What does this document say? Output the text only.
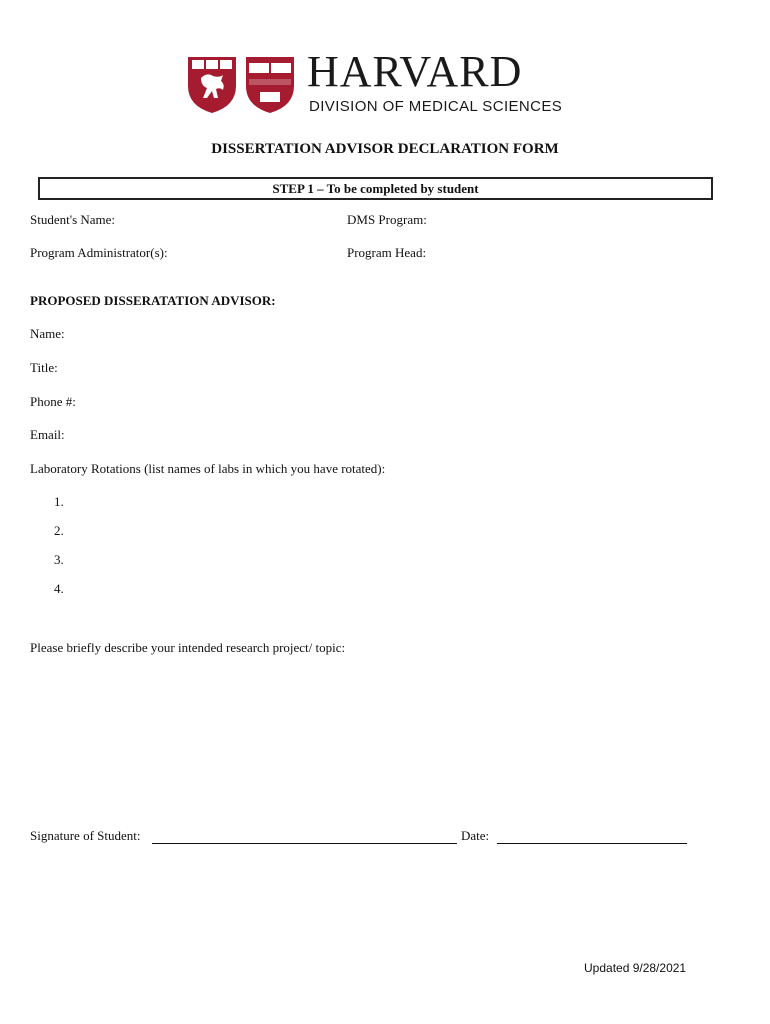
HARVARD
DIVISION OF MEDICAL SCIENCES
DISSERTATION ADVISOR DECLARATION FORM
STEP 1 – To be completed by student
Student's Name:	DMS Program:
Program Administrator(s):	Program Head:
PROPOSED DISSERATATION ADVISOR:
Name:
Title:
Phone #:
Email:
Laboratory Rotations (list names of labs in which you have rotated):
1.
2.
3.
4.
Please briefly describe your intended research project/ topic:
Signature of Student:	Date:
Updated 9/28/2021
